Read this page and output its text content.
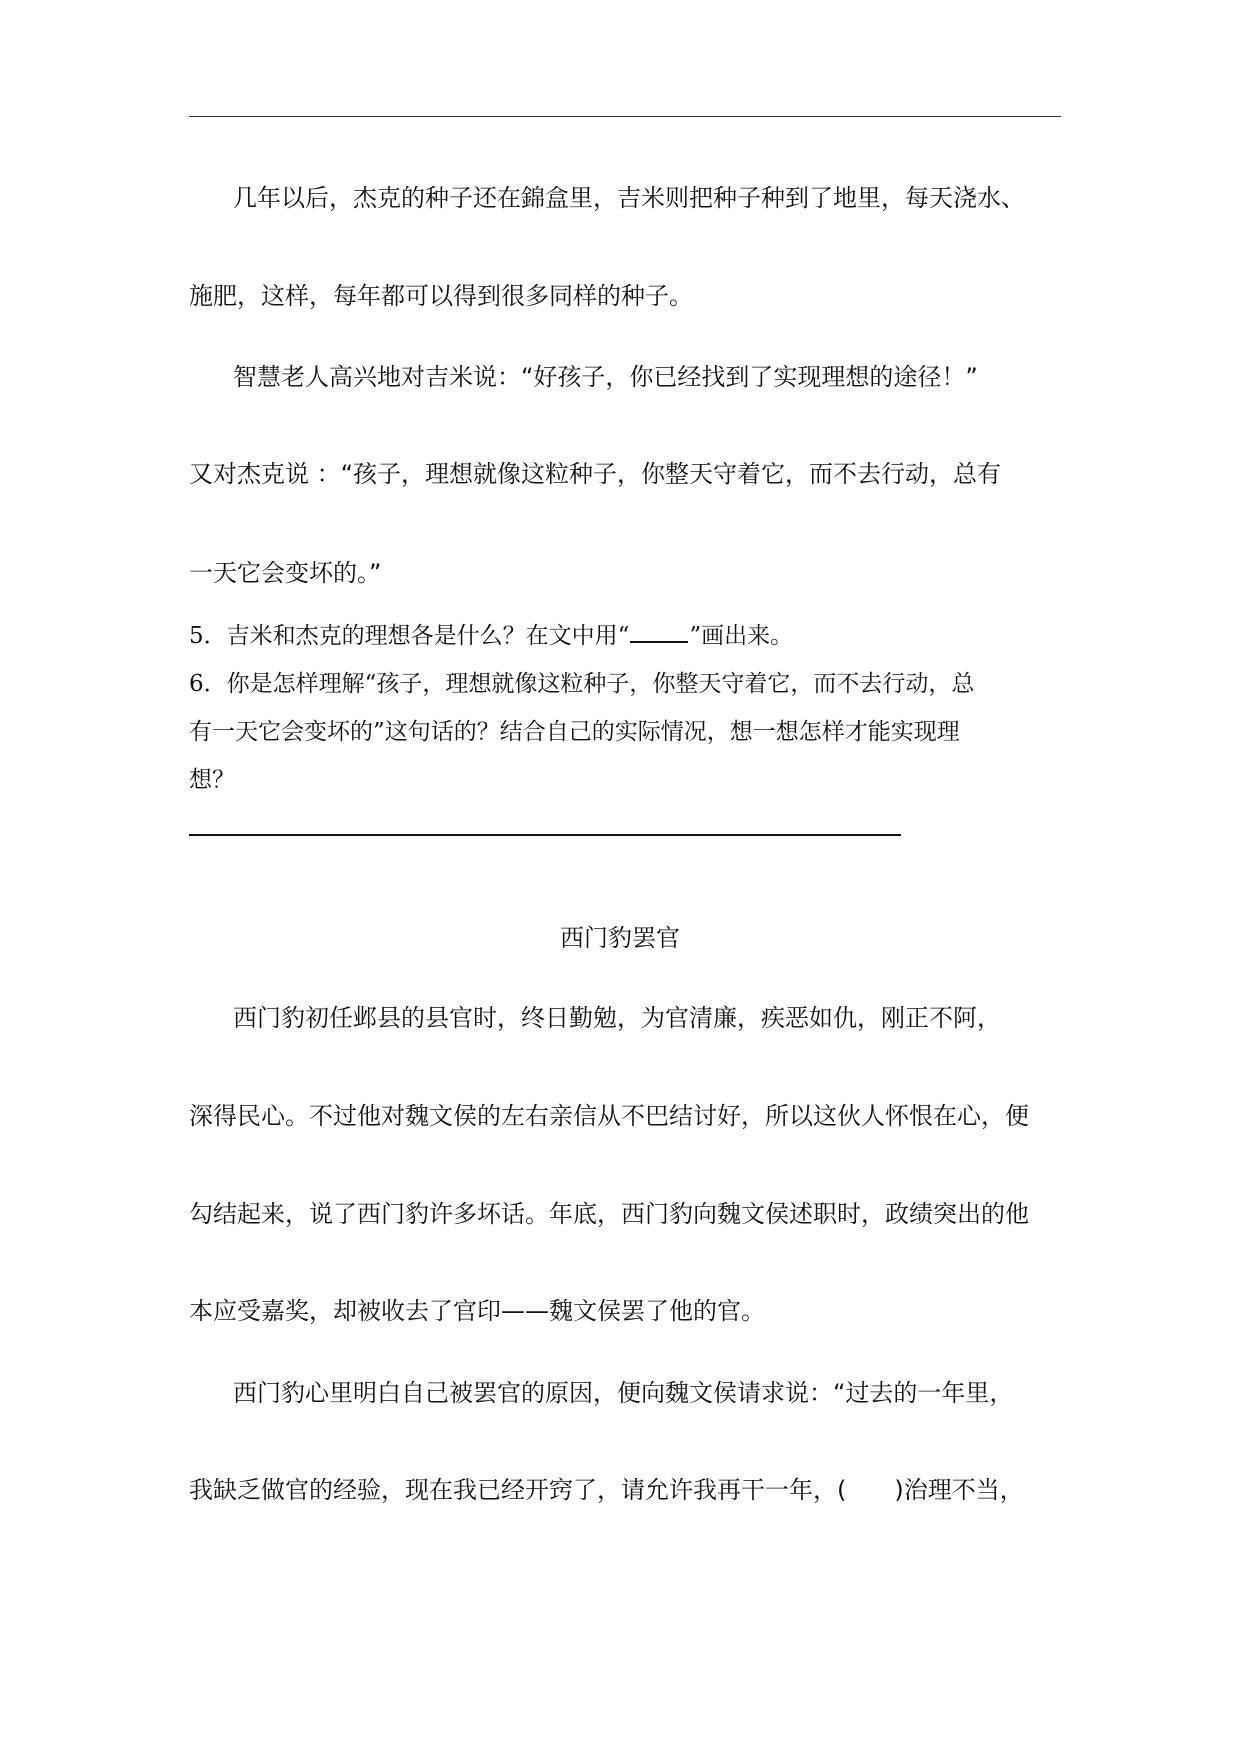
几年以后，杰克的种子还在錦盒里，吉米则把种子种到了地里，每天浇水、
施肥，这样，每年都可以得到很多同样的种子。
智慧老人高兴地对吉米说：“好孩子，你已经找到了实现理想的途径！”
又对杰克说 ：“孩子，理想就像这粒种子，你整天守着它，而不去行动，总有
一天它会变坏的。”
5．吉米和杰克的理想各是什么？在文中用“	”画出来。
6．你是怎样理解“孩子，理想就像这粒种子，你整天守着它，而不去行动，总
有一天它会变坏的”这句话的？结合自己的实际情况，想一想怎样才能实现理
想？
西门豹罢官
西门豹初任邺县的县官时，终日勤勉，为官清廉，疾恶如仇，刚正不阿，
深得民心。不过他对魏文侯的左右亲信从不巴结讨好，所以这伙人怀恨在心，便
勾结起来，说了西门豹许多坏话。年底，西门豹向魏文侯述职时，政绩突出的他
本应受嘉奖，却被收去了官印——魏文侯罢了他的官。
西门豹心里明白自己被罢官的原因，便向魏文侯请求说：“过去的一年里，
我缺乏做官的经验，现在我已经开窍了，请允许我再干一年，(　　)治理不当，
